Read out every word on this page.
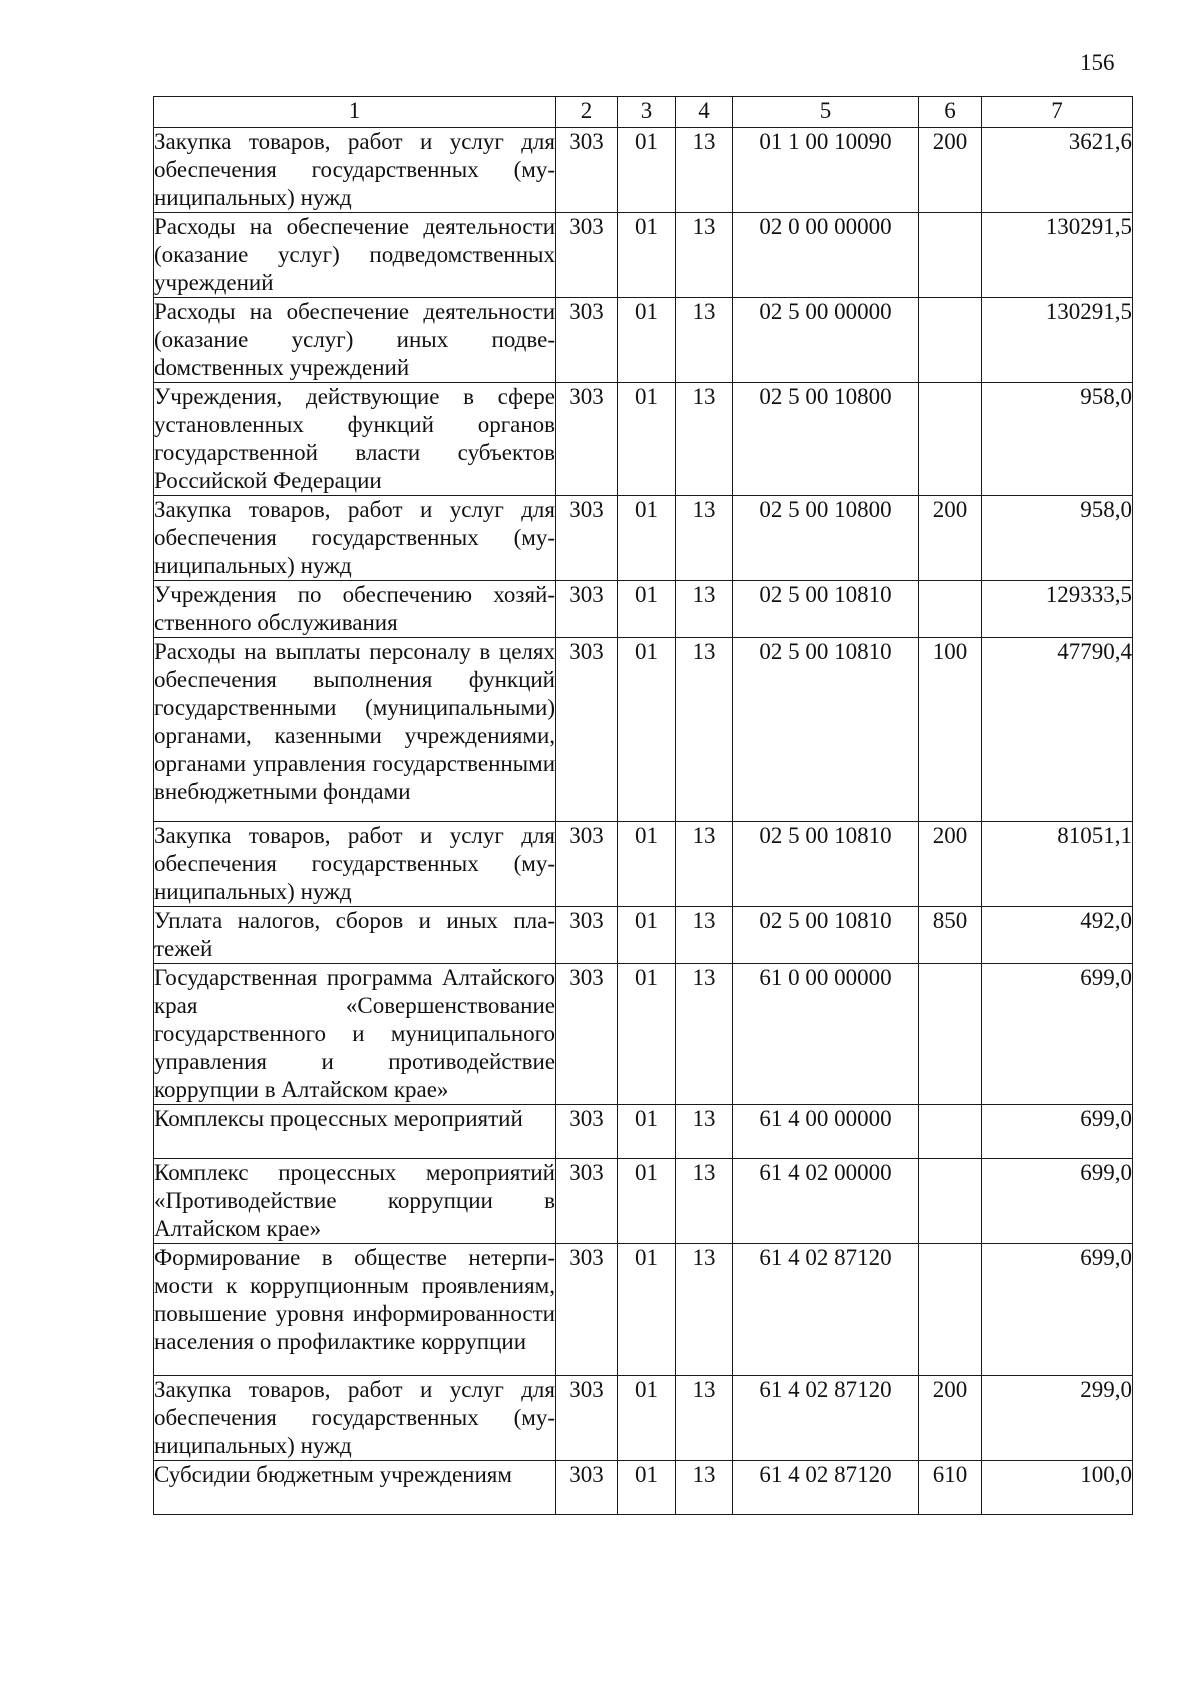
156
1	2	3	4	5	6	7
Закупка товаров, работ и услуг для обеспечения государственных (муниципальных) нужд	303	01	13	01 1 00 10090	200	3621,6
Расходы на обеспечение деятельности (оказание услуг) подведомственных учреждений	303	01	13	02 0 00 00000		130291,5
Расходы на обеспечение деятельности (оказание услуг) иных подвеdомственных учреждений	303	01	13	02 5 00 00000		130291,5
Учреждения, действующие в сфере установленных функций органов государственной власти субъектов Российской Федерации	303	01	13	02 5 00 10800		958,0
Закупка товаров, работ и услуг для обеспечения государственных (муниципальных) нужд	303	01	13	02 5 00 10800	200	958,0
Учреждения по обеспечению хозяйственного обслуживания	303	01	13	02 5 00 10810		129333,5
Расходы на выплаты персоналу в целях обеспечения выполнения функций государственными (муниципальными) органами, казенными учреждениями, органами управления государственными внебюджетными фондами	303	01	13	02 5 00 10810	100	47790,4
Закупка товаров, работ и услуг для обеспечения государственных (муниципальных) нужд	303	01	13	02 5 00 10810	200	81051,1
Уплата налогов, сборов и иных платежей	303	01	13	02 5 00 10810	850	492,0
Государственная программа Алтайского края «Совершенствование государственного и муниципального управления и противодействие коррупции в Алтайском крае»	303	01	13	61 0 00 00000		699,0
Комплексы процессных мероприятий	303	01	13	61 4 00 00000		699,0
Комплекс процессных мероприятий «Противодействие коррупции в Алтайском крае»	303	01	13	61 4 02 00000		699,0
Формирование в обществе нетерпимости к коррупционным проявлениям, повышение уровня информированности населения о профилактике коррупции	303	01	13	61 4 02 87120		699,0
Закупка товаров, работ и услуг для обеспечения государственных (муниципальных) нужд	303	01	13	61 4 02 87120	200	299,0
Субсидии бюджетным учреждениям	303	01	13	61 4 02 87120	610	100,0
